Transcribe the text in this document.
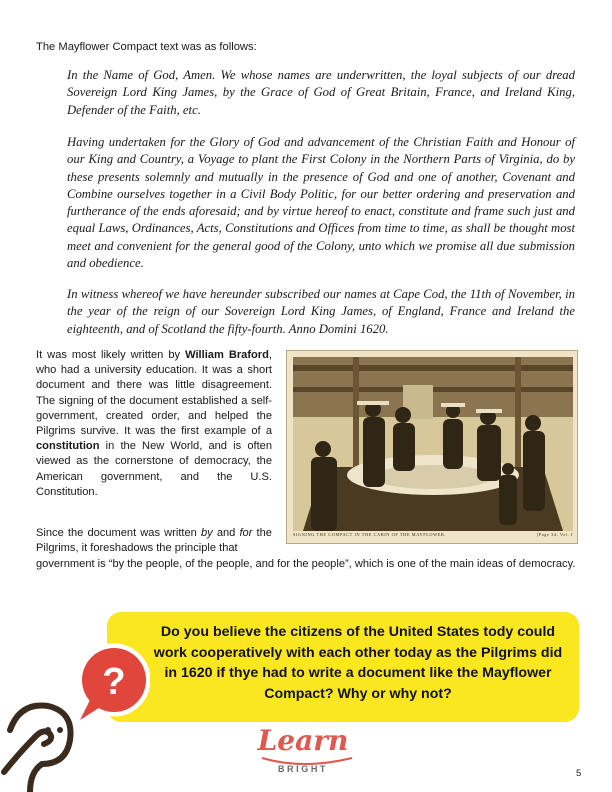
The Mayflower Compact text was as follows:

In the Name of God, Amen. We whose names are underwritten, the loyal subjects of our dread Sovereign Lord King James, by the Grace of God of Great Britain, France, and Ireland King, Defender of the Faith, etc.

Having undertaken for the Glory of God and advancement of the Christian Faith and Honour of our King and Country, a Voyage to plant the First Colony in the Northern Parts of Virginia, do by these presents solemnly and mutually in the presence of God and one of another, Covenant and Combine ourselves together in a Civil Body Politic, for our better ordering and preservation and furtherance of the ends aforesaid; and by virtue hereof to enact, constitute and frame such just and equal Laws, Ordinances, Acts, Constitutions and Offices from time to time, as shall be thought most meet and convenient for the general good of the Colony, unto which we promise all due submission and obedience.

In witness whereof we have hereunder subscribed our names at Cape Cod, the 11th of November, in the year of the reign of our Sovereign Lord King James, of England, France and Ireland the eighteenth, and of Scotland the fifty-fourth. Anno Domini 1620.

It was most likely written by William Braford, who had a university education. It was a short document and there was little disagreement. The signing of the document established a self-government, created order, and helped the Pilgrims survive. It was the first example of a constitution in the New World, and is often viewed as the cornerstone of democracy, the American government, and the U.S. Constitution.

Since the document was written by and for the Pilgrims, it foreshadows the principle that

government is “by the people, of the people, and for the people”, which is one of the main ideas of democracy.

SIGNING THE COMPACT IN THE CABIN OF THE MAYFLOWER.	[Page 34, Vol. I

Do you believe the citizens of the United States tody could work cooperatively with each other today as the Pilgrims did in 1620 if thye had to write a document like the Mayflower Compact? Why or why not?

?
Learn
BRIGHT	5
